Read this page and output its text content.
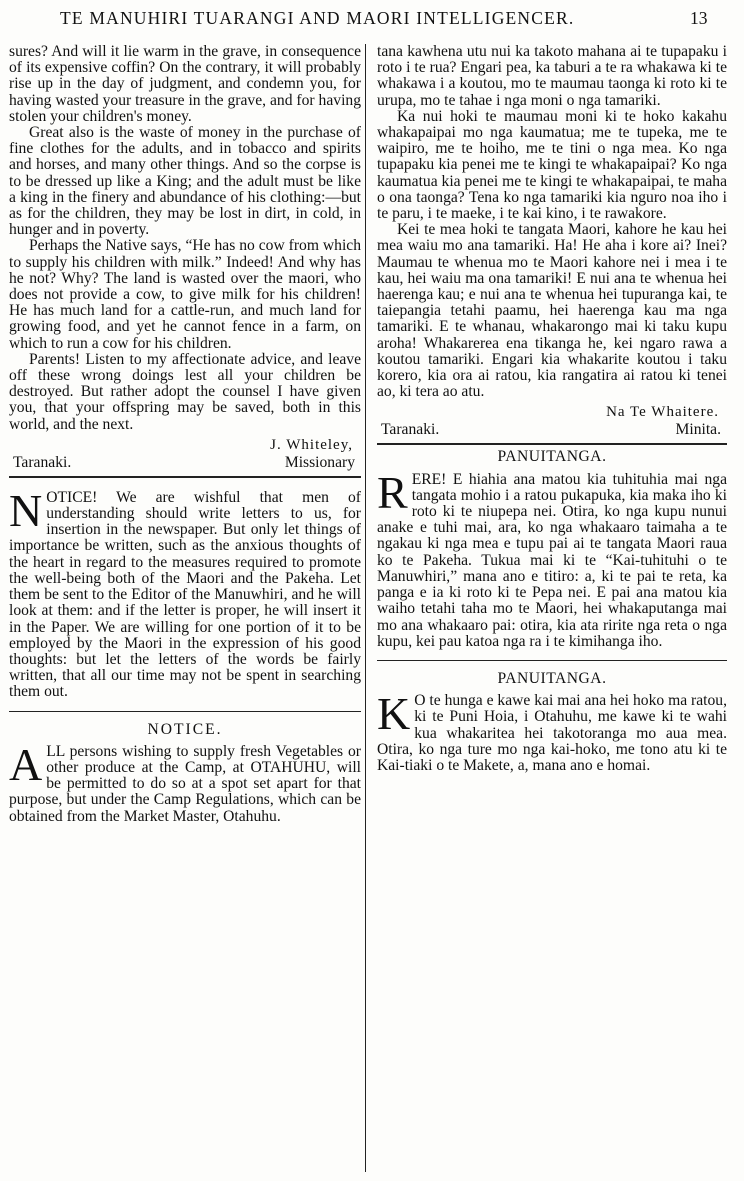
TE MANUHIRI TUARANGI AND MAORI INTELLIGENCER.	13

sures? And will it lie warm in the grave, in consequence of its expensive coffin? On the contrary, it will probably rise up in the day of judgment, and condemn you, for having wasted your treasure in the grave, and for having stolen your children's money.

Great also is the waste of money in the purchase of fine clothes for the adults, and in tobacco and spirits and horses, and many other things. And so the corpse is to be dressed up like a King; and the adult must be like a king in the finery and abundance of his clothing:—but as for the children, they may be lost in dirt, in cold, in hunger and in poverty.

Perhaps the Native says, “He has no cow from which to supply his children with milk.” Indeed! And why has he not? Why? The land is wasted over the maori, who does not provide a cow, to give milk for his children! He has much land for a cattle-run, and much land for growing food, and yet he cannot fence in a farm, on which to run a cow for his children.

Parents! Listen to my affectionate advice, and leave off these wrong doings lest all your children be destroyed. But rather adopt the counsel I have given you, that your offspring may be saved, both in this world, and the next.

J. Whiteley,
Taranaki.	Missionary

NOTICE! We are wishful that men of understanding should write letters to us, for insertion in the newspaper. But only let things of importance be written, such as the anxious thoughts of the heart in regard to the measures required to promote the well-being both of the Maori and the Pakeha. Let them be sent to the Editor of the Manuwhiri, and he will look at them: and if the letter is proper, he will insert it in the Paper. We are willing for one portion of it to be employed by the Maori in the expression of his good thoughts: but let the letters of the words be fairly written, that all our time may not be spent in searching them out.

NOTICE.

ALL persons wishing to supply fresh Vegetables or other produce at the Camp, at OTAHUHU, will be permitted to do so at a spot set apart for that purpose, but under the Camp Regulations, which can be obtained from the Market Master, Otahuhu.

tana kawhena utu nui ka takoto mahana ai te tupapaku i roto i te rua? Engari pea, ka taburi a te ra whakawa ki te whakawa i a koutou, mo te maumau taonga ki roto ki te urupa, mo te tahae i nga moni o nga tamariki.

Ka nui hoki te maumau moni ki te hoko kakahu whakapaipai mo nga kaumatua; me te tupeka, me te waipiro, me te hoiho, me te tini o nga mea. Ko nga tupapaku kia penei me te kingi te whakapaipai? Ko nga kaumatua kia penei me te kingi te whakapaipai, te maha o ona taonga? Tena ko nga tamariki kia nguro noa iho i te paru, i te maeke, i te kai kino, i te rawakore.

Kei te mea hoki te tangata Maori, kahore he kau hei mea waiu mo ana tamariki. Ha! He aha i kore ai? Inei? Maumau te whenua mo te Maori kahore nei i mea i te kau, hei waiu ma ona tamariki! E nui ana te whenua hei haerenga kau; e nui ana te whenua hei tupuranga kai, te taiepangia tetahi paamu, hei haerenga kau ma nga tamariki. E te whanau, whakarongo mai ki taku kupu aroha! Whakarerea ena tikanga he, kei ngaro rawa a koutou tamariki. Engari kia whakarite koutou i taku korero, kia ora ai ratou, kia rangatira ai ratou ki tenei ao, ki tera ao atu.

Na Te Whaitere.
Taranaki.	Minita.
PANUITANGA.

RERE! E hiahia ana matou kia tuhituhia mai nga tangata mohio i a ratou pukapuka, kia maka iho ki roto ki te niupepa nei. Otira, ko nga kupu nunui anake e tuhi mai, ara, ko nga whakaaro taimaha a te ngakau ki nga mea e tupu pai ai te tangata Maori raua ko te Pakeha. Tukua mai ki te “Kai-tuhituhi o te Manuwhiri,” mana ano e titiro: a, ki te pai te reta, ka panga e ia ki roto ki te Pepa nei. E pai ana matou kia waiho tetahi taha mo te Maori, hei whakaputanga mai mo ana whakaaro pai: otira, kia ata ririte nga reta o nga kupu, kei pau katoa nga ra i te kimihanga iho.

PANUITANGA.

K O te hunga e kawe kai mai ana hei hoko ma ratou, ki te Puni Hoia, i Otahuhu, me kawe ki te wahi kua whakaritea hei takotoranga mo aua mea. Otira, ko nga ture mo nga kai-hoko, me tono atu ki te Kai-tiaki o te Makete, a, mana ano e homai.
